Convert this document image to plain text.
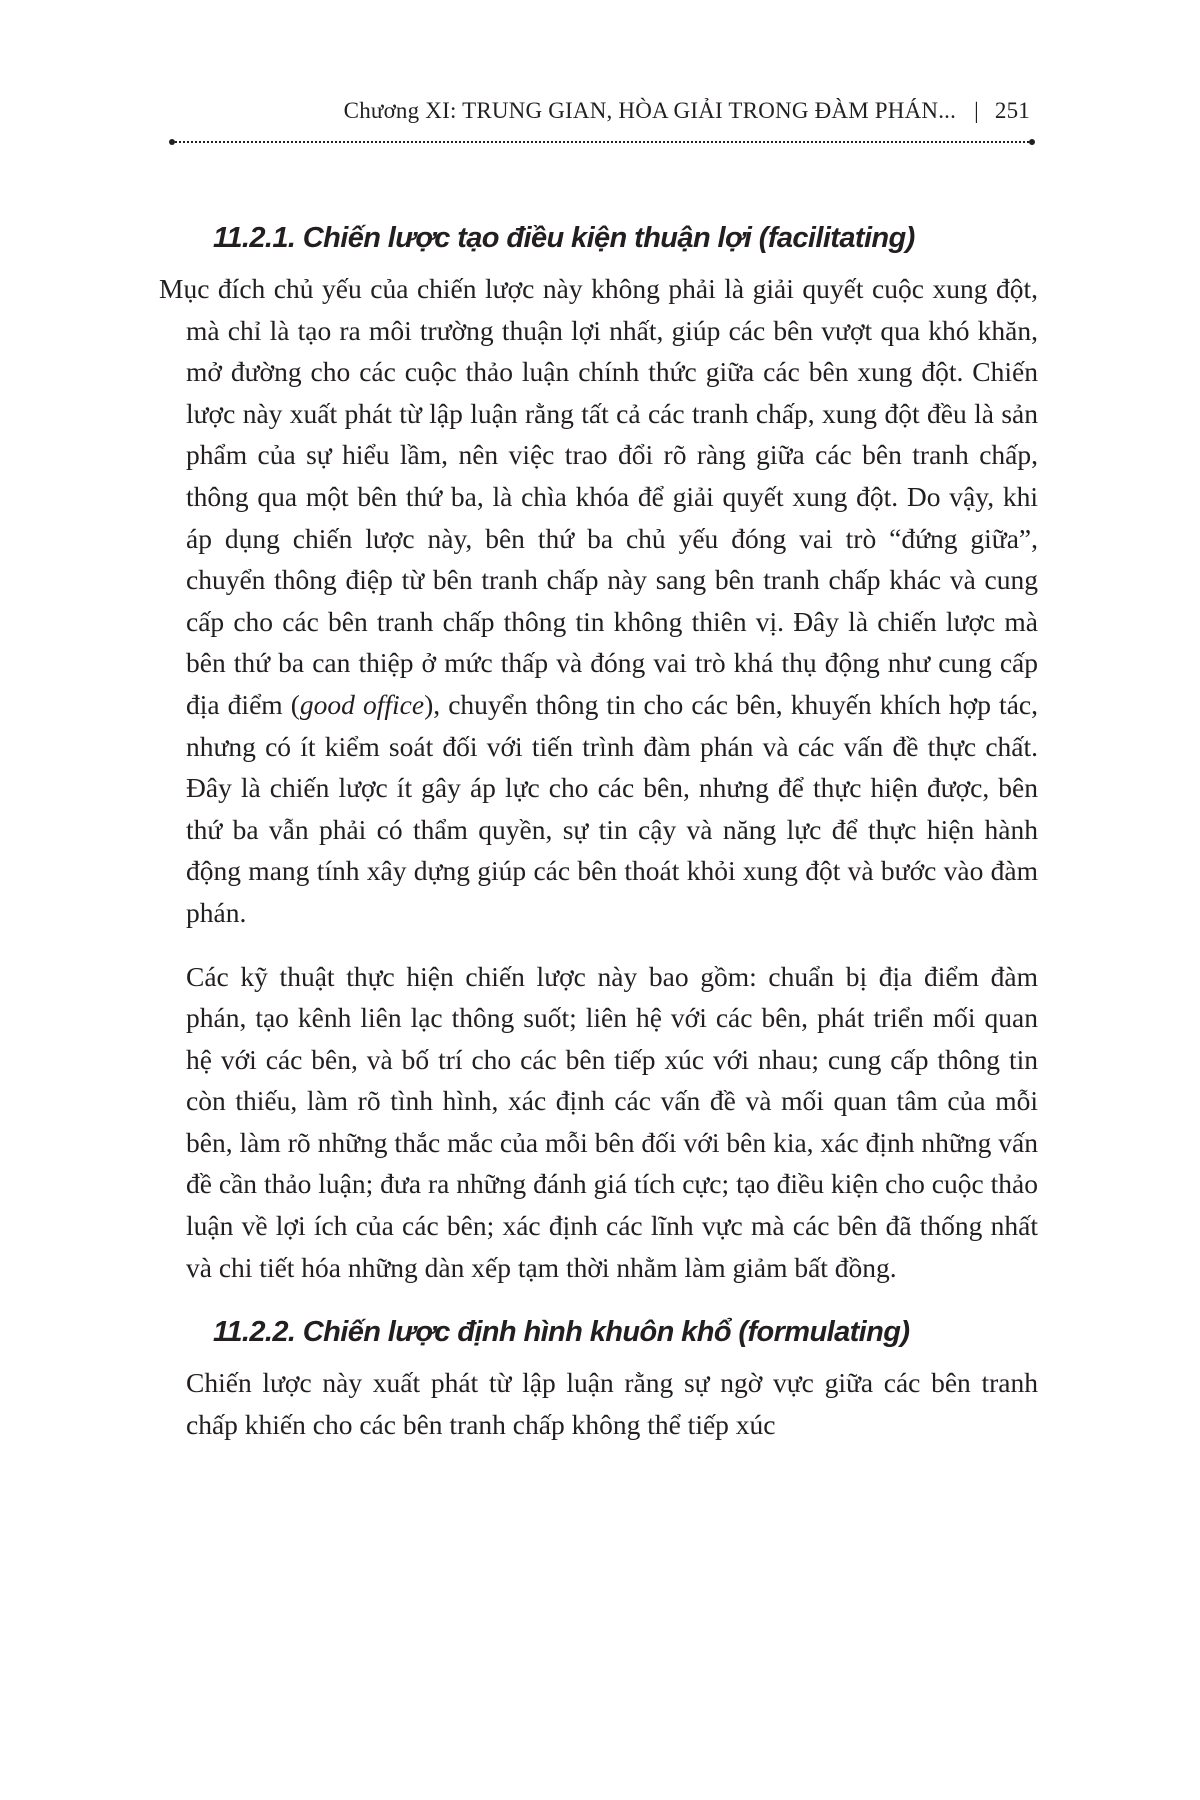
Chương XI: TRUNG GIAN, HÒA GIẢI TRONG ĐÀM PHÁN... | 251
11.2.1. Chiến lược tạo điều kiện thuận lợi (facilitating)

Mục đích chủ yếu của chiến lược này không phải là giải quyết cuộc xung đột, mà chỉ là tạo ra môi trường thuận lợi nhất, giúp các bên vượt qua khó khăn, mở đường cho các cuộc thảo luận chính thức giữa các bên xung đột. Chiến lược này xuất phát từ lập luận rằng tất cả các tranh chấp, xung đột đều là sản phẩm của sự hiểu lầm, nên việc trao đổi rõ ràng giữa các bên tranh chấp, thông qua một bên thứ ba, là chìa khóa để giải quyết xung đột. Do vậy, khi áp dụng chiến lược này, bên thứ ba chủ yếu đóng vai trò “đứng giữa”, chuyển thông điệp từ bên tranh chấp này sang bên tranh chấp khác và cung cấp cho các bên tranh chấp thông tin không thiên vị. Đây là chiến lược mà bên thứ ba can thiệp ở mức thấp và đóng vai trò khá thụ động như cung cấp địa điểm (good office), chuyển thông tin cho các bên, khuyến khích hợp tác, nhưng có ít kiểm soát đối với tiến trình đàm phán và các vấn đề thực chất. Đây là chiến lược ít gây áp lực cho các bên, nhưng để thực hiện được, bên thứ ba vẫn phải có thẩm quyền, sự tin cậy và năng lực để thực hiện hành động mang tính xây dựng giúp các bên thoát khỏi xung đột và bước vào đàm phán.

Các kỹ thuật thực hiện chiến lược này bao gồm: chuẩn bị địa điểm đàm phán, tạo kênh liên lạc thông suốt; liên hệ với các bên, phát triển mối quan hệ với các bên, và bố trí cho các bên tiếp xúc với nhau; cung cấp thông tin còn thiếu, làm rõ tình hình, xác định các vấn đề và mối quan tâm của mỗi bên, làm rõ những thắc mắc của mỗi bên đối với bên kia, xác định những vấn đề cần thảo luận; đưa ra những đánh giá tích cực; tạo điều kiện cho cuộc thảo luận về lợi ích của các bên; xác định các lĩnh vực mà các bên đã thống nhất và chi tiết hóa những dàn xếp tạm thời nhằm làm giảm bất đồng.

11.2.2. Chiến lược định hình khuôn khổ (formulating)

Chiến lược này xuất phát từ lập luận rằng sự ngờ vực giữa các bên tranh chấp khiến cho các bên tranh chấp không thể tiếp xúc
